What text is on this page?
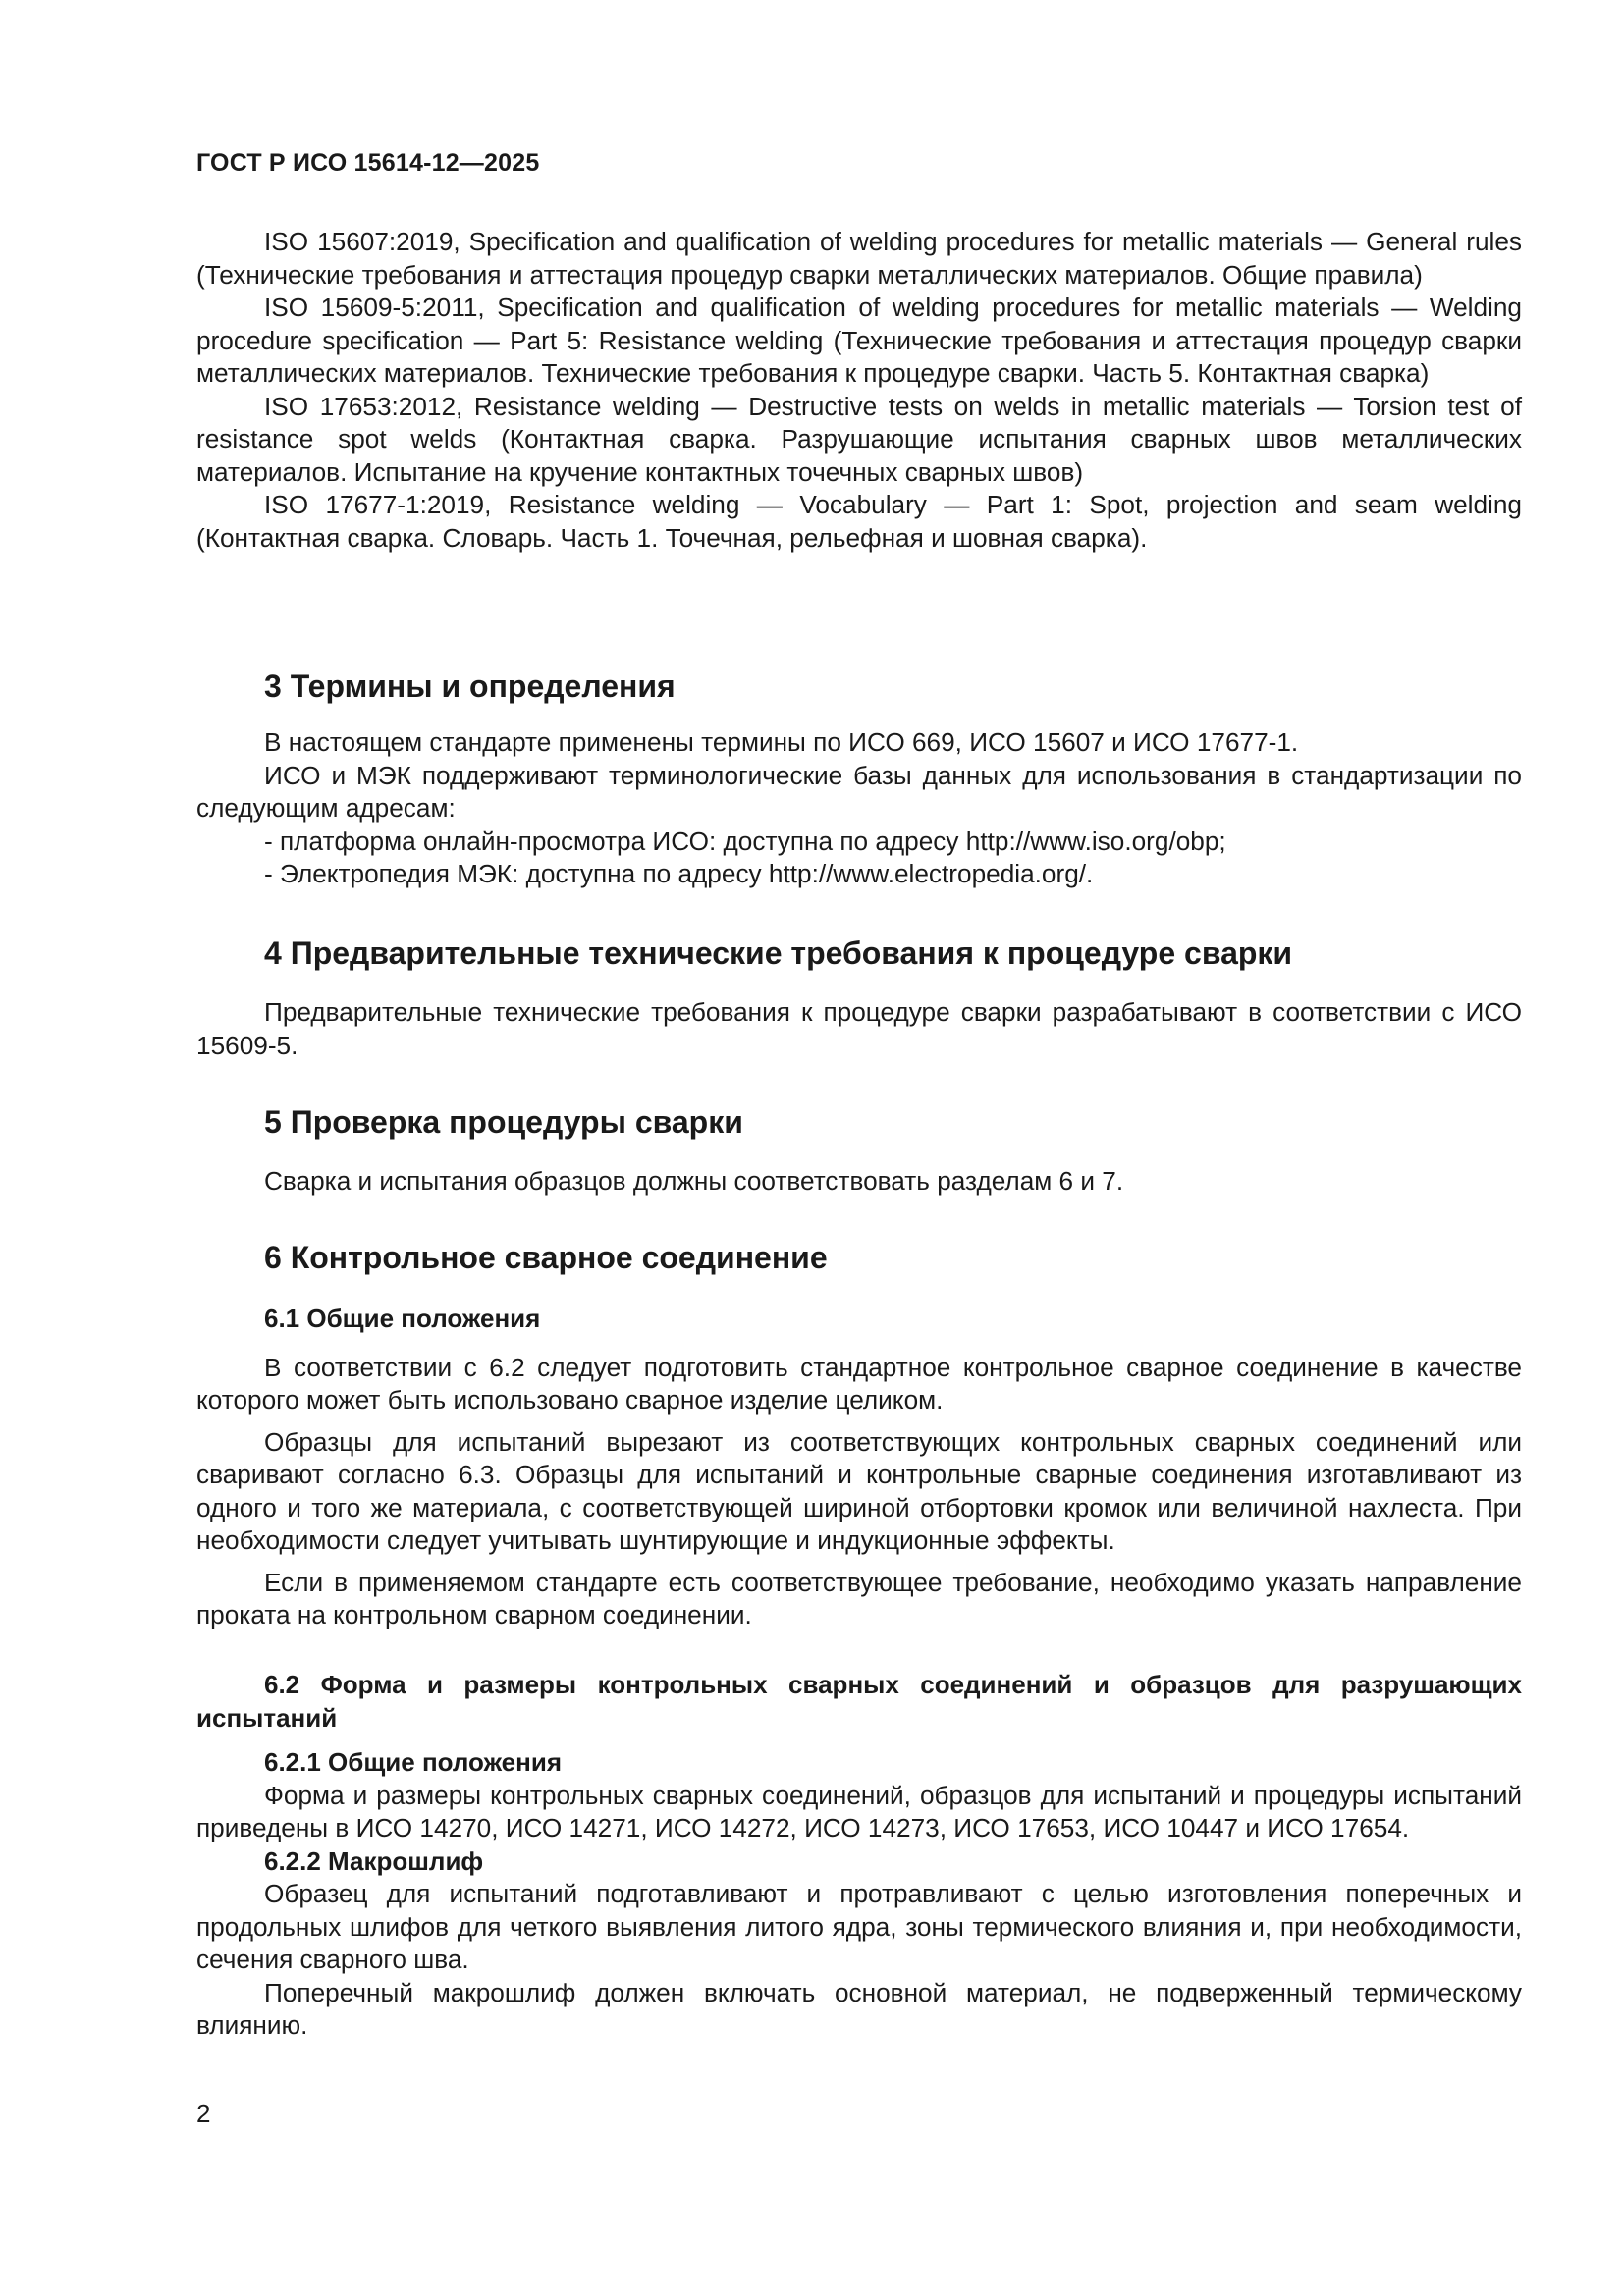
ГОСТ Р ИСО 15614-12—2025

ISO 15607:2019, Specification and qualification of welding procedures for metallic materials — General rules (Технические требования и аттестация процедур сварки металлических материалов. Общие правила)

ISO 15609-5:2011, Specification and qualification of welding procedures for metallic materials — Welding procedure specification — Part 5: Resistance welding (Технические требования и аттестация процедур сварки металлических материалов. Технические требования к процедуре сварки. Часть 5. Контактная сварка)

ISO 17653:2012, Resistance welding — Destructive tests on welds in metallic materials — Torsion test of resistance spot welds (Контактная сварка. Разрушающие испытания сварных швов металлических материалов. Испытание на кручение контактных точечных сварных швов)

ISO 17677-1:2019, Resistance welding — Vocabulary — Part 1: Spot, projection and seam welding (Контактная сварка. Словарь. Часть 1. Точечная, рельефная и шовная сварка).

3 Термины и определения

В настоящем стандарте применены термины по ИСО 669, ИСО 15607 и ИСО 17677-1.

ИСО и МЭК поддерживают терминологические базы данных для использования в стандартизации по следующим адресам:

- платформа онлайн-просмотра ИСО: доступна по адресу http://www.iso.org/obp;

- Электропедия МЭК: доступна по адресу http://www.electropedia.org/.

4 Предварительные технические требования к процедуре сварки

Предварительные технические требования к процедуре сварки разрабатывают в соответствии с ИСО 15609-5.

5 Проверка процедуры сварки

Сварка и испытания образцов должны соответствовать разделам 6 и 7.

6 Контрольное сварное соединение
6.1 Общие положения

В соответствии с 6.2 следует подготовить стандартное контрольное сварное соединение в качестве которого может быть использовано сварное изделие целиком.

Образцы для испытаний вырезают из соответствующих контрольных сварных соединений или сваривают согласно 6.3. Образцы для испытаний и контрольные сварные соединения изготавливают из одного и того же материала, с соответствующей шириной отбортовки кромок или величиной нахлеста. При необходимости следует учитывать шунтирующие и индукционные эффекты.

Если в применяемом стандарте есть соответствующее требование, необходимо указать направление проката на контрольном сварном соединении.

6.2 Форма и размеры контрольных сварных соединений и образцов для разрушающих испытаний
6.2.1 Общие положения

Форма и размеры контрольных сварных соединений, образцов для испытаний и процедуры испытаний приведены в ИСО 14270, ИСО 14271, ИСО 14272, ИСО 14273, ИСО 17653, ИСО 10447 и ИСО 17654.

6.2.2 Макрошлиф

Образец для испытаний подготавливают и протравливают с целью изготовления поперечных и продольных шлифов для четкого выявления литого ядра, зоны термического влияния и, при необходимости, сечения сварного шва.

Поперечный макрошлиф должен включать основной материал, не подверженный термическому влиянию.

2
